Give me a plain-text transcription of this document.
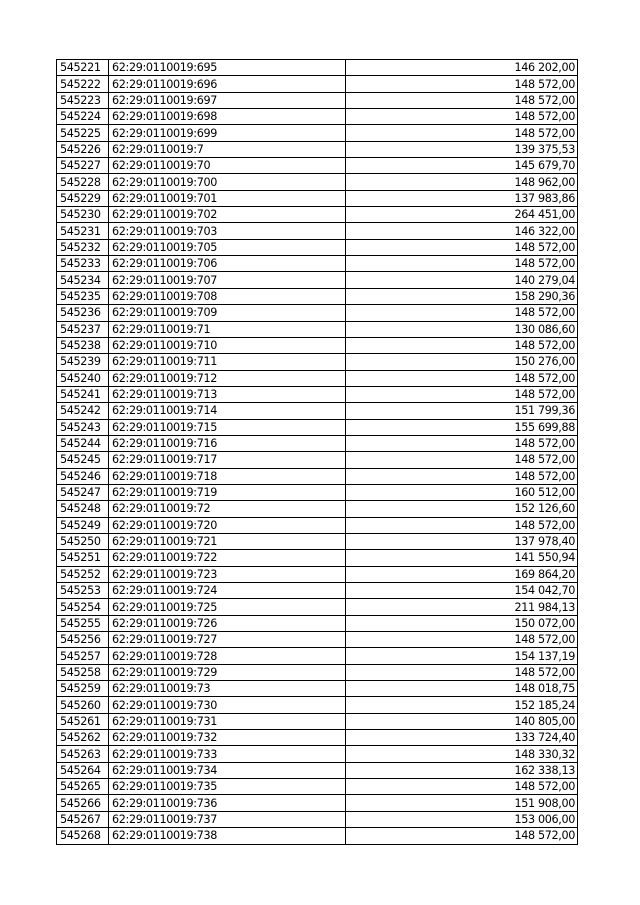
545221	62:29:0110019:695	146 202,00
545222	62:29:0110019:696	148 572,00
545223	62:29:0110019:697	148 572,00
545224	62:29:0110019:698	148 572,00
545225	62:29:0110019:699	148 572,00
545226	62:29:0110019:7	139 375,53
545227	62:29:0110019:70	145 679,70
545228	62:29:0110019:700	148 962,00
545229	62:29:0110019:701	137 983,86
545230	62:29:0110019:702	264 451,00
545231	62:29:0110019:703	146 322,00
545232	62:29:0110019:705	148 572,00
545233	62:29:0110019:706	148 572,00
545234	62:29:0110019:707	140 279,04
545235	62:29:0110019:708	158 290,36
545236	62:29:0110019:709	148 572,00
545237	62:29:0110019:71	130 086,60
545238	62:29:0110019:710	148 572,00
545239	62:29:0110019:711	150 276,00
545240	62:29:0110019:712	148 572,00
545241	62:29:0110019:713	148 572,00
545242	62:29:0110019:714	151 799,36
545243	62:29:0110019:715	155 699,88
545244	62:29:0110019:716	148 572,00
545245	62:29:0110019:717	148 572,00
545246	62:29:0110019:718	148 572,00
545247	62:29:0110019:719	160 512,00
545248	62:29:0110019:72	152 126,60
545249	62:29:0110019:720	148 572,00
545250	62:29:0110019:721	137 978,40
545251	62:29:0110019:722	141 550,94
545252	62:29:0110019:723	169 864,20
545253	62:29:0110019:724	154 042,70
545254	62:29:0110019:725	211 984,13
545255	62:29:0110019:726	150 072,00
545256	62:29:0110019:727	148 572,00
545257	62:29:0110019:728	154 137,19
545258	62:29:0110019:729	148 572,00
545259	62:29:0110019:73	148 018,75
545260	62:29:0110019:730	152 185,24
545261	62:29:0110019:731	140 805,00
545262	62:29:0110019:732	133 724,40
545263	62:29:0110019:733	148 330,32
545264	62:29:0110019:734	162 338,13
545265	62:29:0110019:735	148 572,00
545266	62:29:0110019:736	151 908,00
545267	62:29:0110019:737	153 006,00
545268	62:29:0110019:738	148 572,00
